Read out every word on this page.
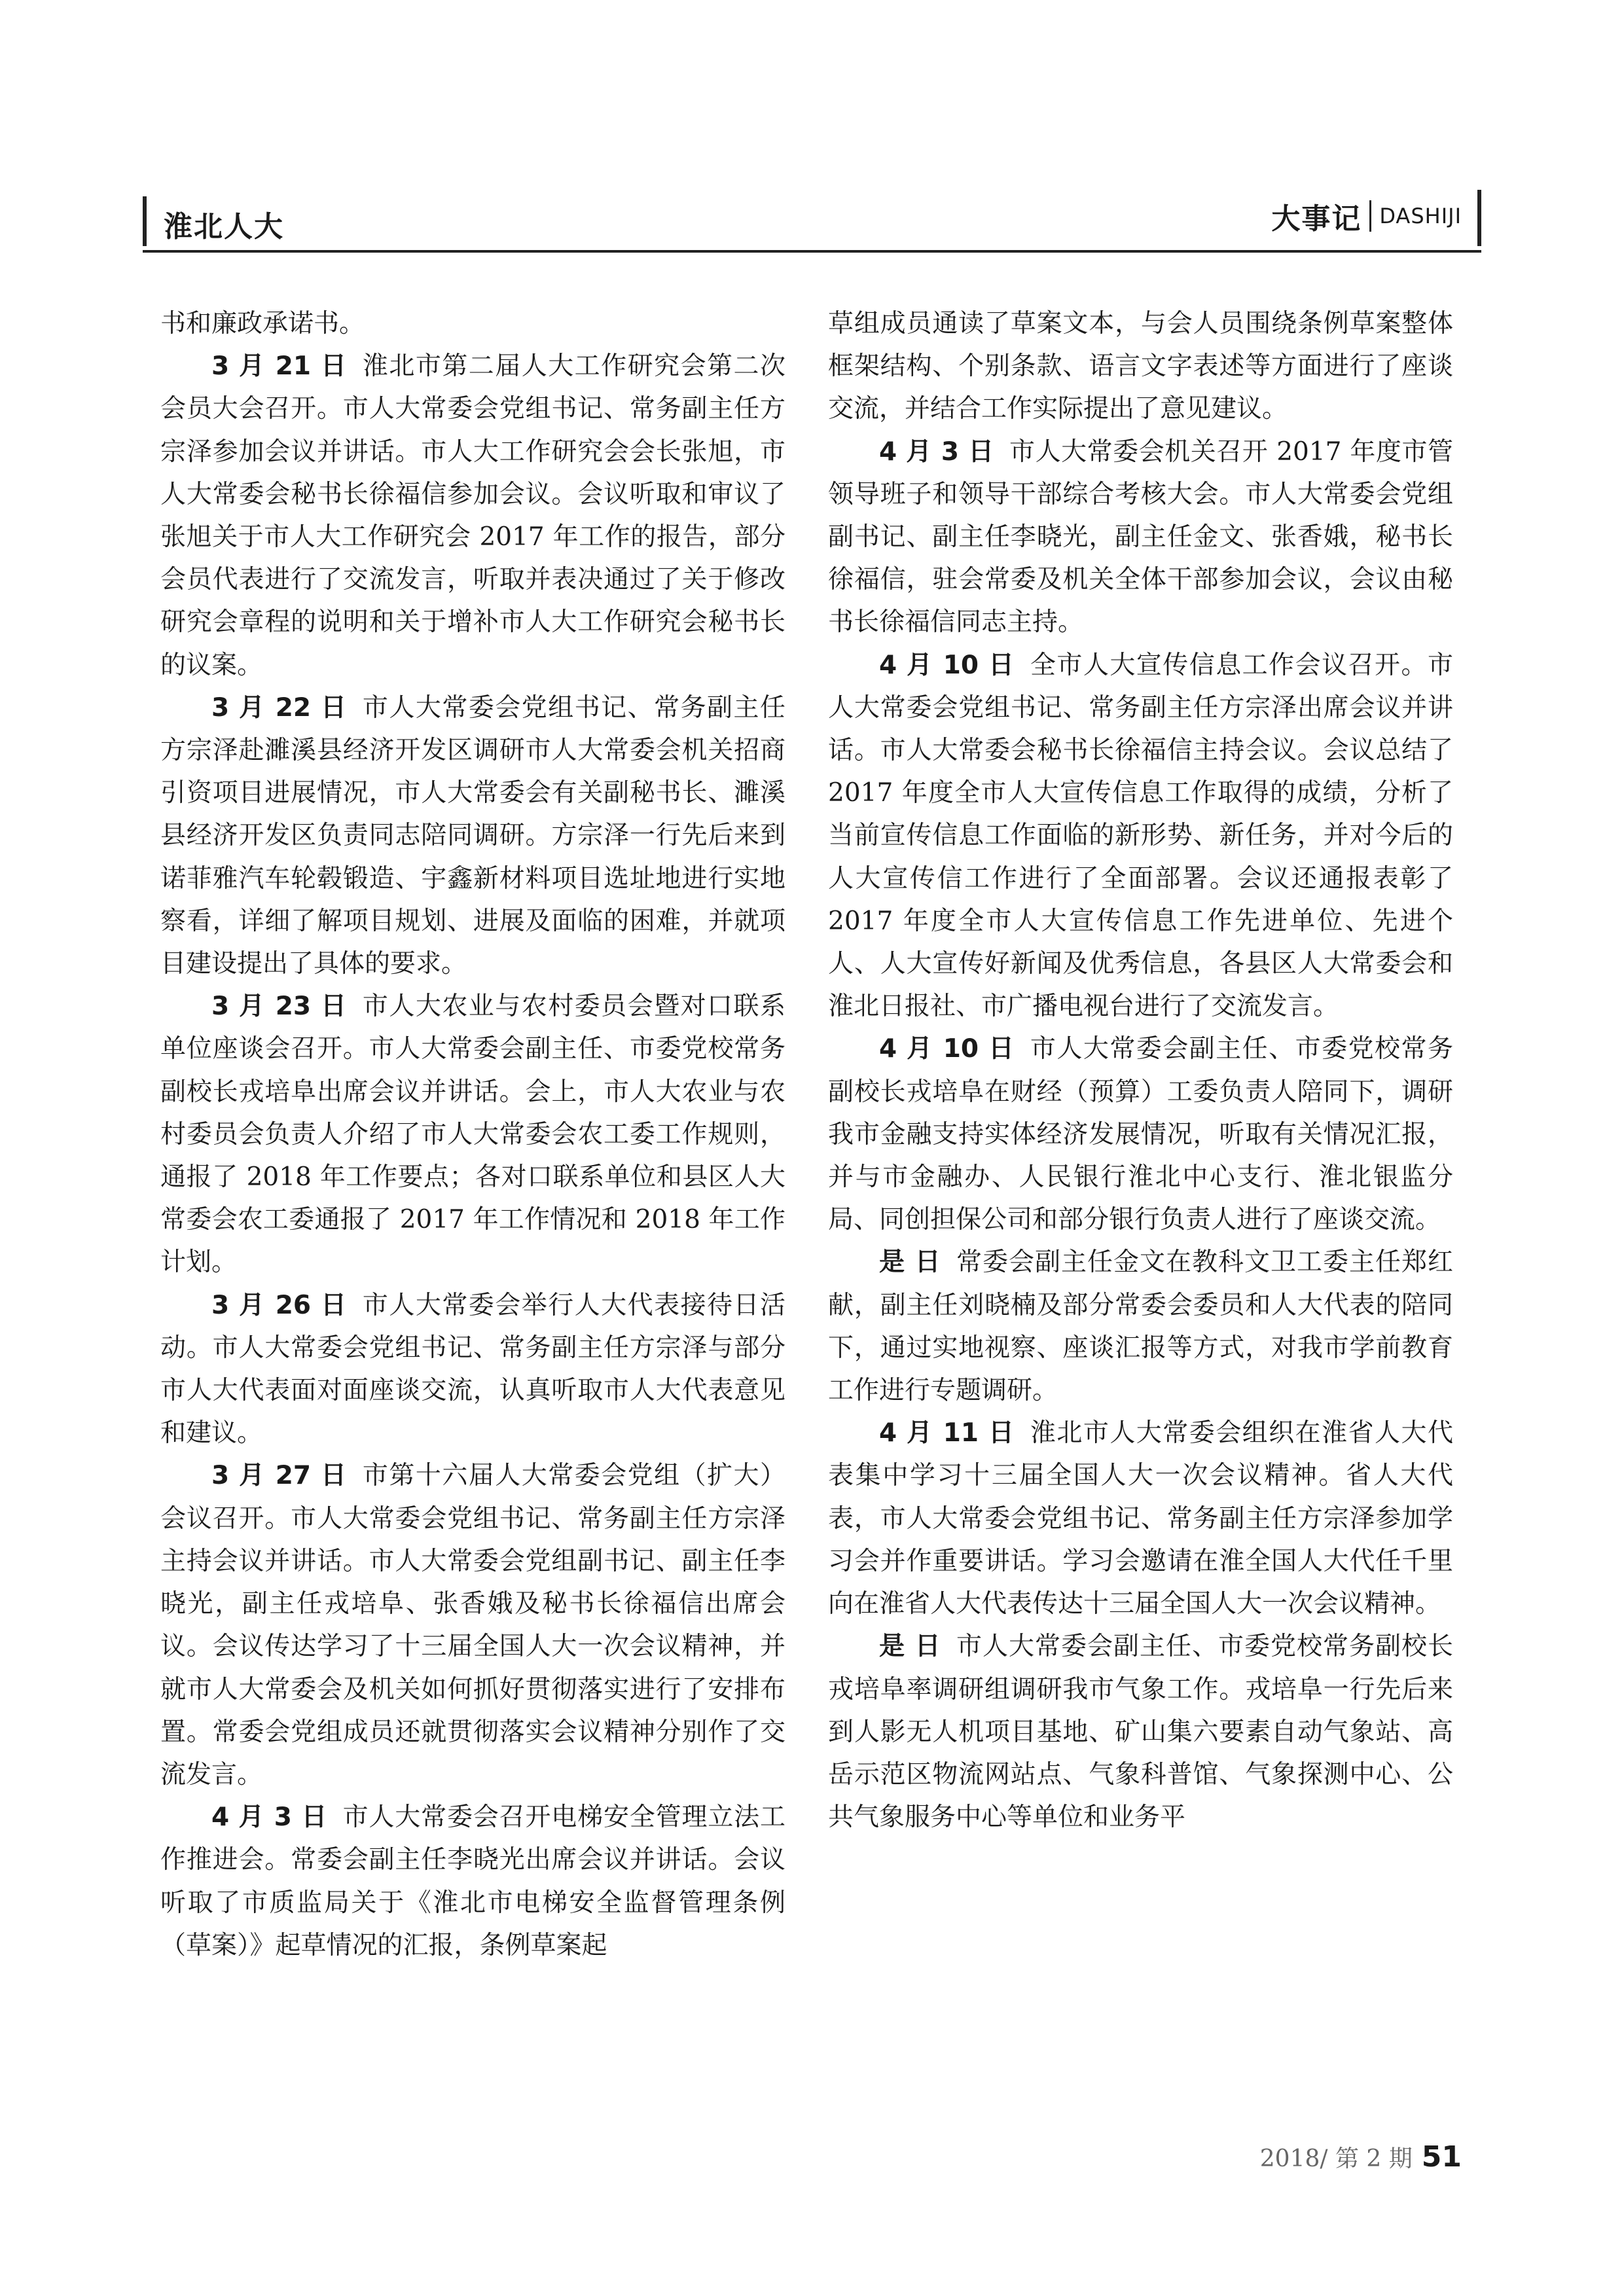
淮北人大	大事记 DASHIJI

书和廉政承诺书。

3 月 21 日 淮北市第二届人大工作研究会第二次会员大会召开。市人大常委会党组书记、常务副主任方宗泽参加会议并讲话。市人大工作研究会会长张旭，市人大常委会秘书长徐福信参加会议。会议听取和审议了张旭关于市人大工作研究会 2017 年工作的报告，部分会员代表进行了交流发言，听取并表决通过了关于修改研究会章程的说明和关于增补市人大工作研究会秘书长的议案。

3 月 22 日 市人大常委会党组书记、常务副主任方宗泽赴濉溪县经济开发区调研市人大常委会机关招商引资项目进展情况，市人大常委会有关副秘书长、濉溪县经济开发区负责同志陪同调研。方宗泽一行先后来到诺菲雅汽车轮毂锻造、宇鑫新材料项目选址地进行实地察看，详细了解项目规划、进展及面临的困难，并就项目建设提出了具体的要求。

3 月 23 日 市人大农业与农村委员会暨对口联系单位座谈会召开。市人大常委会副主任、市委党校常务副校长戎培阜出席会议并讲话。会上，市人大农业与农村委员会负责人介绍了市人大常委会农工委工作规则，通报了 2018 年工作要点；各对口联系单位和县区人大常委会农工委通报了 2017 年工作情况和 2018 年工作计划。

3 月 26 日 市人大常委会举行人大代表接待日活动。市人大常委会党组书记、常务副主任方宗泽与部分市人大代表面对面座谈交流，认真听取市人大代表意见和建议。

3 月 27 日 市第十六届人大常委会党组（扩大）会议召开。市人大常委会党组书记、常务副主任方宗泽主持会议并讲话。市人大常委会党组副书记、副主任李晓光，副主任戎培阜、张香娥及秘书长徐福信出席会议。会议传达学习了十三届全国人大一次会议精神，并就市人大常委会及机关如何抓好贯彻落实进行了安排布置。常委会党组成员还就贯彻落实会议精神分别作了交流发言。

4 月 3 日 市人大常委会召开电梯安全管理立法工作推进会。常委会副主任李晓光出席会议并讲话。会议听取了市质监局关于《淮北市电梯安全监督管理条例（草案）》起草情况的汇报，条例草案起

草组成员通读了草案文本，与会人员围绕条例草案整体框架结构、个别条款、语言文字表述等方面进行了座谈交流，并结合工作实际提出了意见建议。

4 月 3 日 市人大常委会机关召开 2017 年度市管领导班子和领导干部综合考核大会。市人大常委会党组副书记、副主任李晓光，副主任金文、张香娥，秘书长徐福信，驻会常委及机关全体干部参加会议，会议由秘书长徐福信同志主持。

4 月 10 日 全市人大宣传信息工作会议召开。市人大常委会党组书记、常务副主任方宗泽出席会议并讲话。市人大常委会秘书长徐福信主持会议。会议总结了 2017 年度全市人大宣传信息工作取得的成绩，分析了当前宣传信息工作面临的新形势、新任务，并对今后的人大宣传信工作进行了全面部署。会议还通报表彰了 2017 年度全市人大宣传信息工作先进单位、先进个人、人大宣传好新闻及优秀信息，各县区人大常委会和淮北日报社、市广播电视台进行了交流发言。

4 月 10 日 市人大常委会副主任、市委党校常务副校长戎培阜在财经（预算）工委负责人陪同下，调研我市金融支持实体经济发展情况，听取有关情况汇报，并与市金融办、人民银行淮北中心支行、淮北银监分局、同创担保公司和部分银行负责人进行了座谈交流。

是 日 常委会副主任金文在教科文卫工委主任郑红献，副主任刘晓楠及部分常委会委员和人大代表的陪同下，通过实地视察、座谈汇报等方式，对我市学前教育工作进行专题调研。

4 月 11 日 淮北市人大常委会组织在淮省人大代表集中学习十三届全国人大一次会议精神。省人大代表，市人大常委会党组书记、常务副主任方宗泽参加学习会并作重要讲话。学习会邀请在淮全国人大代任千里向在淮省人大代表传达十三届全国人大一次会议精神。

是 日 市人大常委会副主任、市委党校常务副校长戎培阜率调研组调研我市气象工作。戎培阜一行先后来到人影无人机项目基地、矿山集六要素自动气象站、高岳示范区物流网站点、气象科普馆、气象探测中心、公共气象服务中心等单位和业务平

2018/ 第 2 期 51
